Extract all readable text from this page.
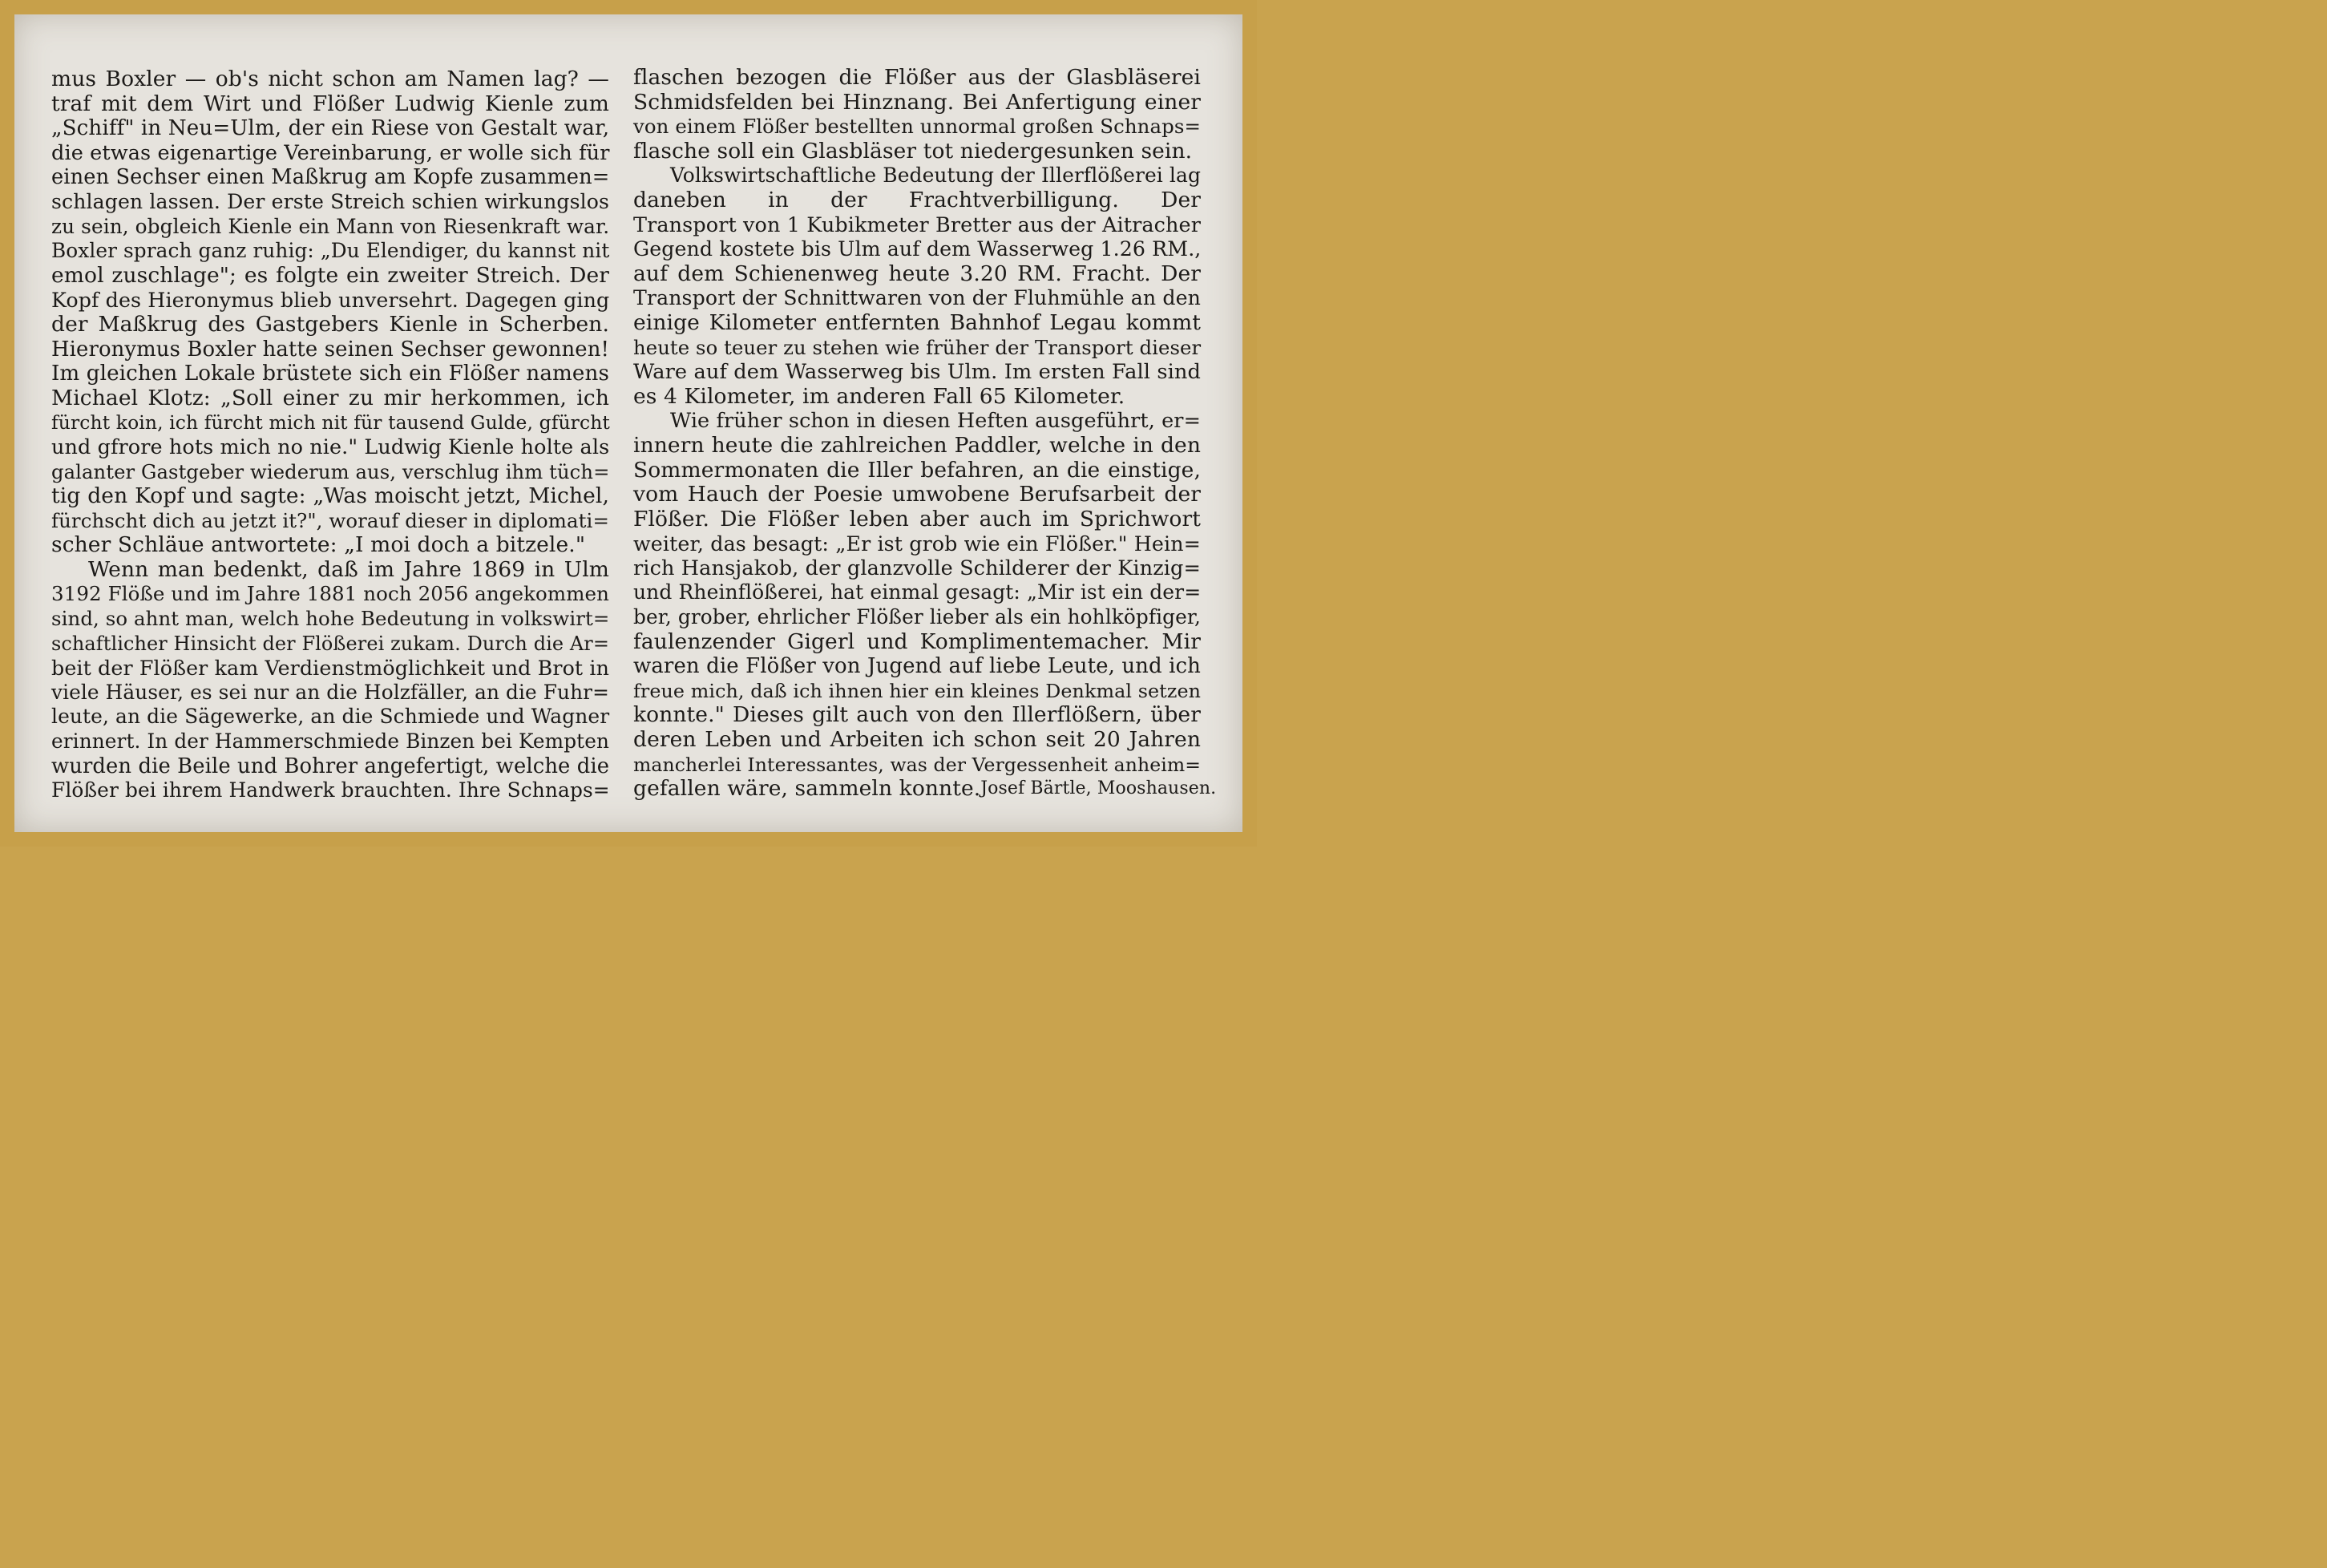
mus Boxler — ob's nicht schon am Namen lag? —
traf mit dem Wirt und Flößer Ludwig Kienle zum
„Schiff" in Neu=Ulm, der ein Riese von Gestalt war,
die etwas eigenartige Vereinbarung, er wolle sich für
einen Sechser einen Maßkrug am Kopfe zusammen=
schlagen lassen. Der erste Streich schien wirkungslos
zu sein, obgleich Kienle ein Mann von Riesenkraft war.
Boxler sprach ganz ruhig: „Du Elendiger, du kannst nit
emol zuschlage"; es folgte ein zweiter Streich. Der
Kopf des Hieronymus blieb unversehrt. Dagegen ging
der Maßkrug des Gastgebers Kienle in Scherben.
Hieronymus Boxler hatte seinen Sechser gewonnen!
Im gleichen Lokale brüstete sich ein Flößer namens
Michael Klotz: „Soll einer zu mir herkommen, ich
fürcht koin, ich fürcht mich nit für tausend Gulde, gfürcht
und gfrore hots mich no nie." Ludwig Kienle holte als
galanter Gastgeber wiederum aus, verschlug ihm tüch=
tig den Kopf und sagte: „Was moischt jetzt, Michel,
fürchscht dich au jetzt it?", worauf dieser in diplomati=
scher Schläue antwortete: „I moi doch a bitzele."
Wenn man bedenkt, daß im Jahre 1869 in Ulm
3192 Flöße und im Jahre 1881 noch 2056 angekommen
sind, so ahnt man, welch hohe Bedeutung in volkswirt=
schaftlicher Hinsicht der Flößerei zukam. Durch die Ar=
beit der Flößer kam Verdienstmöglichkeit und Brot in
viele Häuser, es sei nur an die Holzfäller, an die Fuhr=
leute, an die Sägewerke, an die Schmiede und Wagner
erinnert. In der Hammerschmiede Binzen bei Kempten
wurden die Beile und Bohrer angefertigt, welche die
Flößer bei ihrem Handwerk brauchten. Ihre Schnaps=
flaschen bezogen die Flößer aus der Glasbläserei
Schmidsfelden bei Hinznang. Bei Anfertigung einer
von einem Flößer bestellten unnormal großen Schnaps=
flasche soll ein Glasbläser tot niedergesunken sein.
Volkswirtschaftliche Bedeutung der Illerflößerei lag
daneben in der Frachtverbilligung. Der
Transport von 1 Kubikmeter Bretter aus der Aitracher
Gegend kostete bis Ulm auf dem Wasserweg 1.26 RM.,
auf dem Schienenweg heute 3.20 RM. Fracht. Der
Transport der Schnittwaren von der Fluhmühle an den
einige Kilometer entfernten Bahnhof Legau kommt
heute so teuer zu stehen wie früher der Transport dieser
Ware auf dem Wasserweg bis Ulm. Im ersten Fall sind
es 4 Kilometer, im anderen Fall 65 Kilometer.
Wie früher schon in diesen Heften ausgeführt, er=
innern heute die zahlreichen Paddler, welche in den
Sommermonaten die Iller befahren, an die einstige,
vom Hauch der Poesie umwobene Berufsarbeit der
Flößer. Die Flößer leben aber auch im Sprichwort
weiter, das besagt: „Er ist grob wie ein Flößer." Hein=
rich Hansjakob, der glanzvolle Schilderer der Kinzig=
und Rheinflößerei, hat einmal gesagt: „Mir ist ein der=
ber, grober, ehrlicher Flößer lieber als ein hohlköpfiger,
faulenzender Gigerl und Komplimentemacher. Mir
waren die Flößer von Jugend auf liebe Leute, und ich
freue mich, daß ich ihnen hier ein kleines Denkmal setzen
konnte." Dieses gilt auch von den Illerflößern, über
deren Leben und Arbeiten ich schon seit 20 Jahren
mancherlei Interessantes, was der Vergessenheit anheim=
gefallen wäre, sammeln konnte. Josef Bärtle, Mooshausen.
